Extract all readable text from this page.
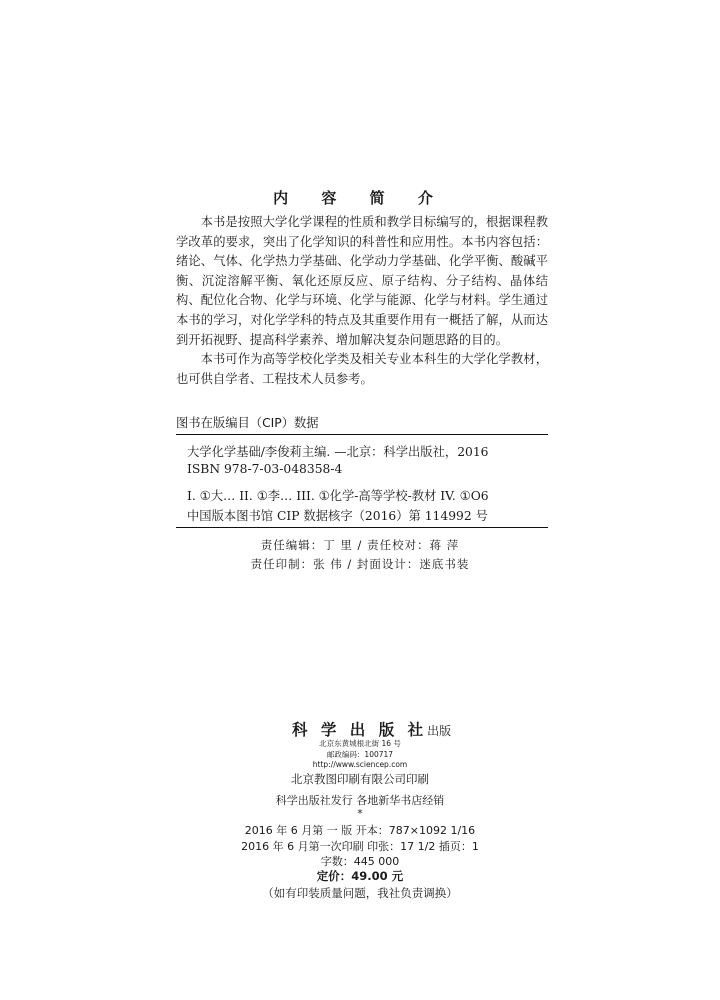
内 容 简 介

本书是按照大学化学课程的性质和教学目标编写的，根据课程教学改革的要求，突出了化学知识的科普性和应用性。本书内容包括：绪论、气体、化学热力学基础、化学动力学基础、化学平衡、酸碱平衡、沉淀溶解平衡、氧化还原反应、原子结构、分子结构、晶体结构、配位化合物、化学与环境、化学与能源、化学与材料。学生通过本书的学习，对化学学科的特点及其重要作用有一概括了解，从而达到开拓视野、提高科学素养、增加解决复杂问题思路的目的。

本书可作为高等学校化学类及相关专业本科生的大学化学教材，也可供自学者、工程技术人员参考。

图书在版编目（CIP）数据
大学化学基础/李俊莉主编. —北京：科学出版社，2016
ISBN 978-7-03-048358-4
I. ①大… II. ①李… III. ①化学-高等学校-教材 IV. ①O6
中国版本图书馆 CIP 数据核字（2016）第 114992 号
责任编辑：丁 里 / 责任校对：蒋 萍
责任印制：张 伟 / 封面设计：迷底书装
科 学 出 版 社出版
北京东黄城根北街 16 号
邮政编码：100717
http://www.sciencep.com
北京教图印刷有限公司印刷
科学出版社发行 各地新华书店经销
*
2016 年 6 月第 一 版 开本：787×1092 1/16
2016 年 6 月第一次印刷 印张：17 1/2 插页：1
字数：445 000
定价：49.00 元
（如有印装质量问题，我社负责调换）
